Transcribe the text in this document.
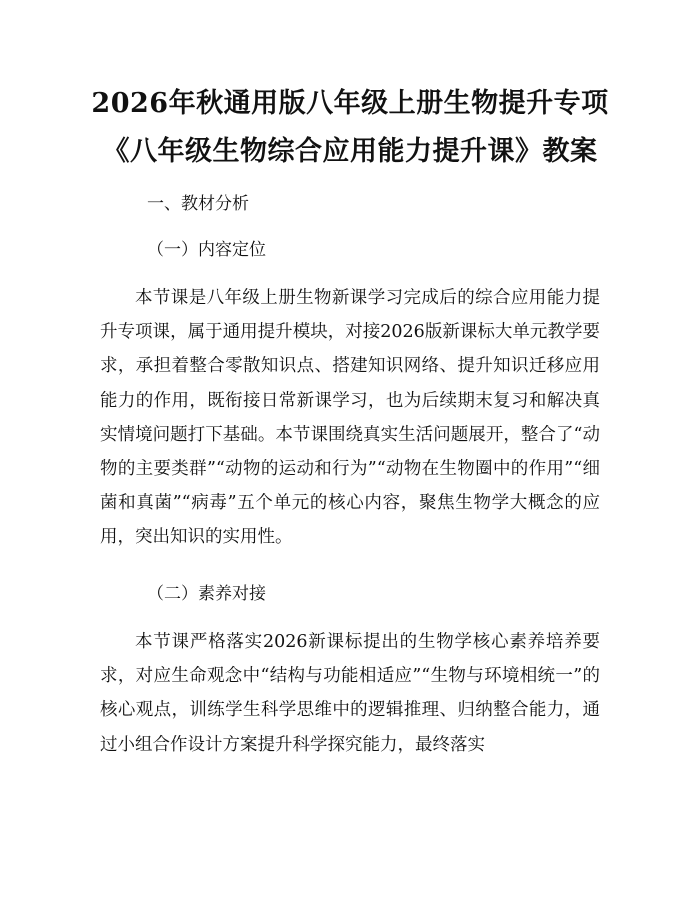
2026年秋通用版八年级上册生物提升专项
《八年级生物综合应用能力提升课》教案

一、教材分析

（一）内容定位

本节课是八年级上册生物新课学习完成后的综合应用能力提升专项课，属于通用提升模块，对接2026版新课标大单元教学要求，承担着整合零散知识点、搭建知识网络、提升知识迁移应用能力的作用，既衔接日常新课学习，也为后续期末复习和解决真实情境问题打下基础。本节课围绕真实生活问题展开，整合了“动物的主要类群”“动物的运动和行为”“动物在生物圈中的作用”“细菌和真菌”“病毒”五个单元的核心内容，聚焦生物学大概念的应用，突出知识的实用性。

（二）素养对接

本节课严格落实2026新课标提出的生物学核心素养培养要求，对应生命观念中“结构与功能相适应”“生物与环境相统一”的核心观点，训练学生科学思维中的逻辑推理、归纳整合能力，通过小组合作设计方案提升科学探究能力，最终落实
